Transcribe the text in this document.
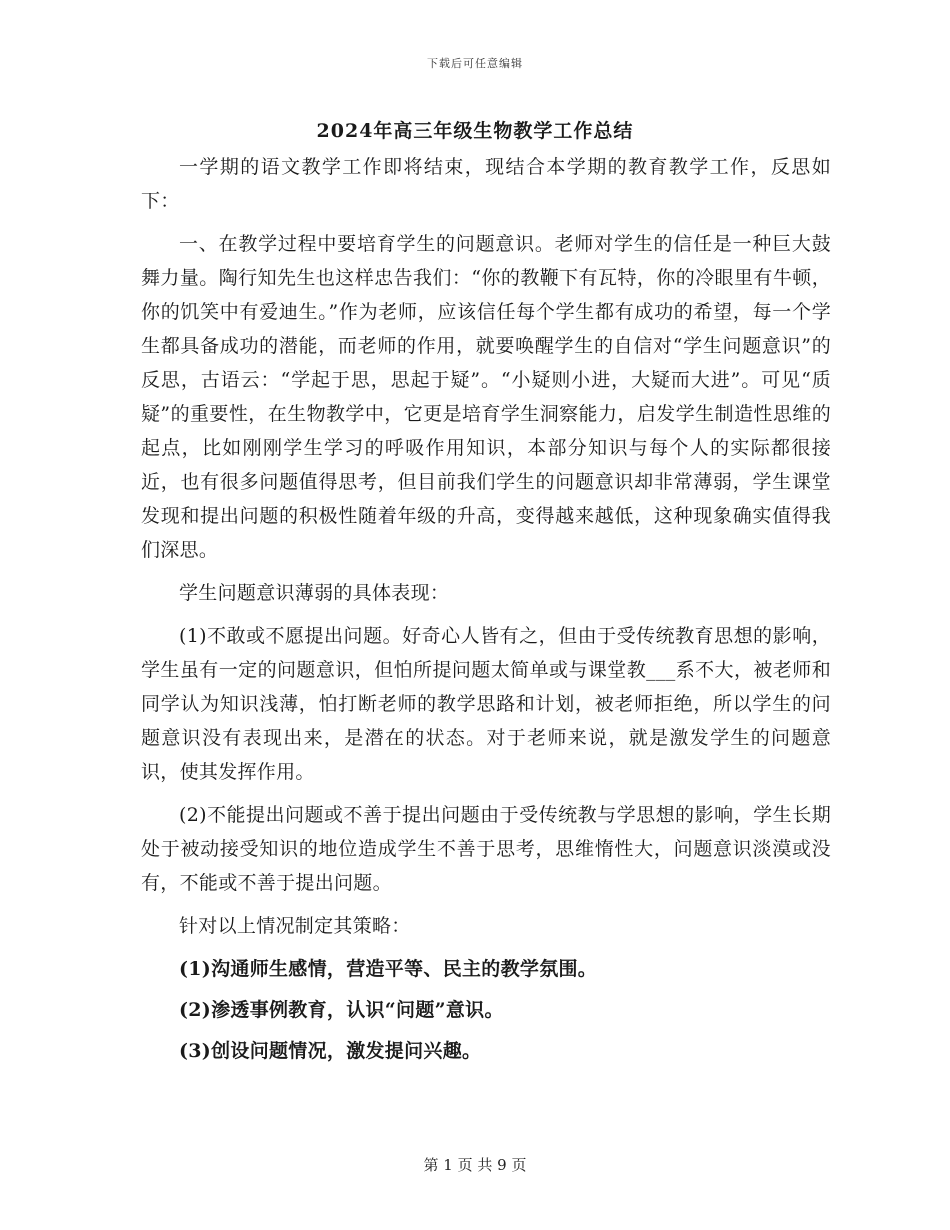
下载后可任意编辑
2024年高三年级生物教学工作总结

一学期的语文教学工作即将结束，现结合本学期的教育教学工作，反思如下：

一、在教学过程中要培育学生的问题意识。老师对学生的信任是一种巨大鼓舞力量。陶行知先生也这样忠告我们：“你的教鞭下有瓦特，你的冷眼里有牛顿，你的饥笑中有爱迪生。”作为老师，应该信任每个学生都有成功的希望，每一个学生都具备成功的潜能，而老师的作用，就要唤醒学生的自信对“学生问题意识”的反思，古语云：“学起于思，思起于疑”。“小疑则小进，大疑而大进”。可见“质疑”的重要性，在生物教学中，它更是培育学生洞察能力，启发学生制造性思维的起点，比如刚刚学生学习的呼吸作用知识，本部分知识与每个人的实际都很接近，也有很多问题值得思考，但目前我们学生的问题意识却非常薄弱，学生课堂发现和提出问题的积极性随着年级的升高，变得越来越低，这种现象确实值得我们深思。

学生问题意识薄弱的具体表现：

(1)不敢或不愿提出问题。好奇心人皆有之，但由于受传统教育思想的影响，学生虽有一定的问题意识，但怕所提问题太简单或与课堂教___系不大，被老师和同学认为知识浅薄，怕打断老师的教学思路和计划，被老师拒绝，所以学生的问题意识没有表现出来，是潜在的状态。对于老师来说，就是激发学生的问题意识，使其发挥作用。

(2)不能提出问题或不善于提出问题由于受传统教与学思想的影响，学生长期处于被动接受知识的地位造成学生不善于思考，思维惰性大，问题意识淡漠或没有，不能或不善于提出问题。

针对以上情况制定其策略：

(1)沟通师生感情，营造平等、民主的教学氛围。

(2)渗透事例教育，认识“问题”意识。

(3)创设问题情况，激发提问兴趣。

第 1 页 共 9 页
